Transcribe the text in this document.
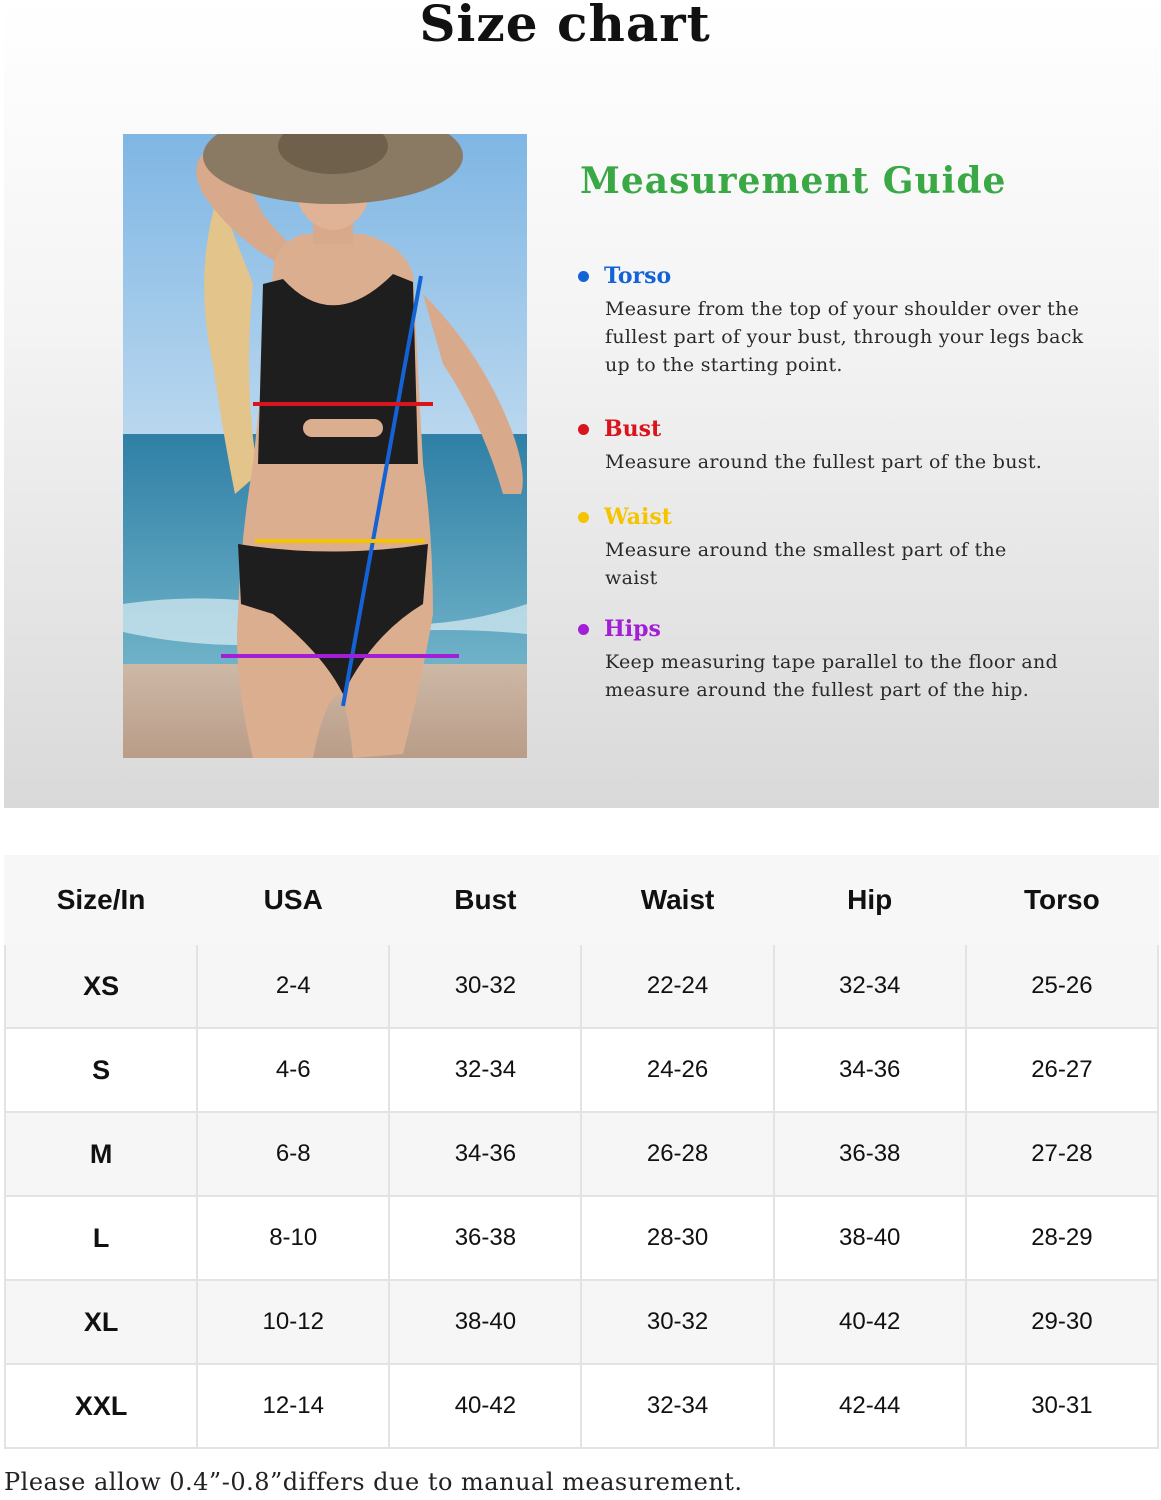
Size chart
Measurement Guide
Torso
Measure from the top of your shoulder over the fullest part of your bust, through your legs back up to the starting point.
Bust
Measure around the fullest part of the bust.
Waist
Measure around the smallest part of the waist
Hips
Keep measuring tape parallel to the floor and measure around the fullest part of the hip.
Size/In	USA	Bust	Waist	Hip	Torso
XS	2-4	30-32	22-24	32-34	25-26
S	4-6	32-34	24-26	34-36	26-27
M	6-8	34-36	26-28	36-38	27-28
L	8-10	36-38	28-30	38-40	28-29
XL	10-12	38-40	30-32	40-42	29-30
XXL	12-14	40-42	32-34	42-44	30-31
Please allow 0.4”-0.8”differs due to manual measurement.
